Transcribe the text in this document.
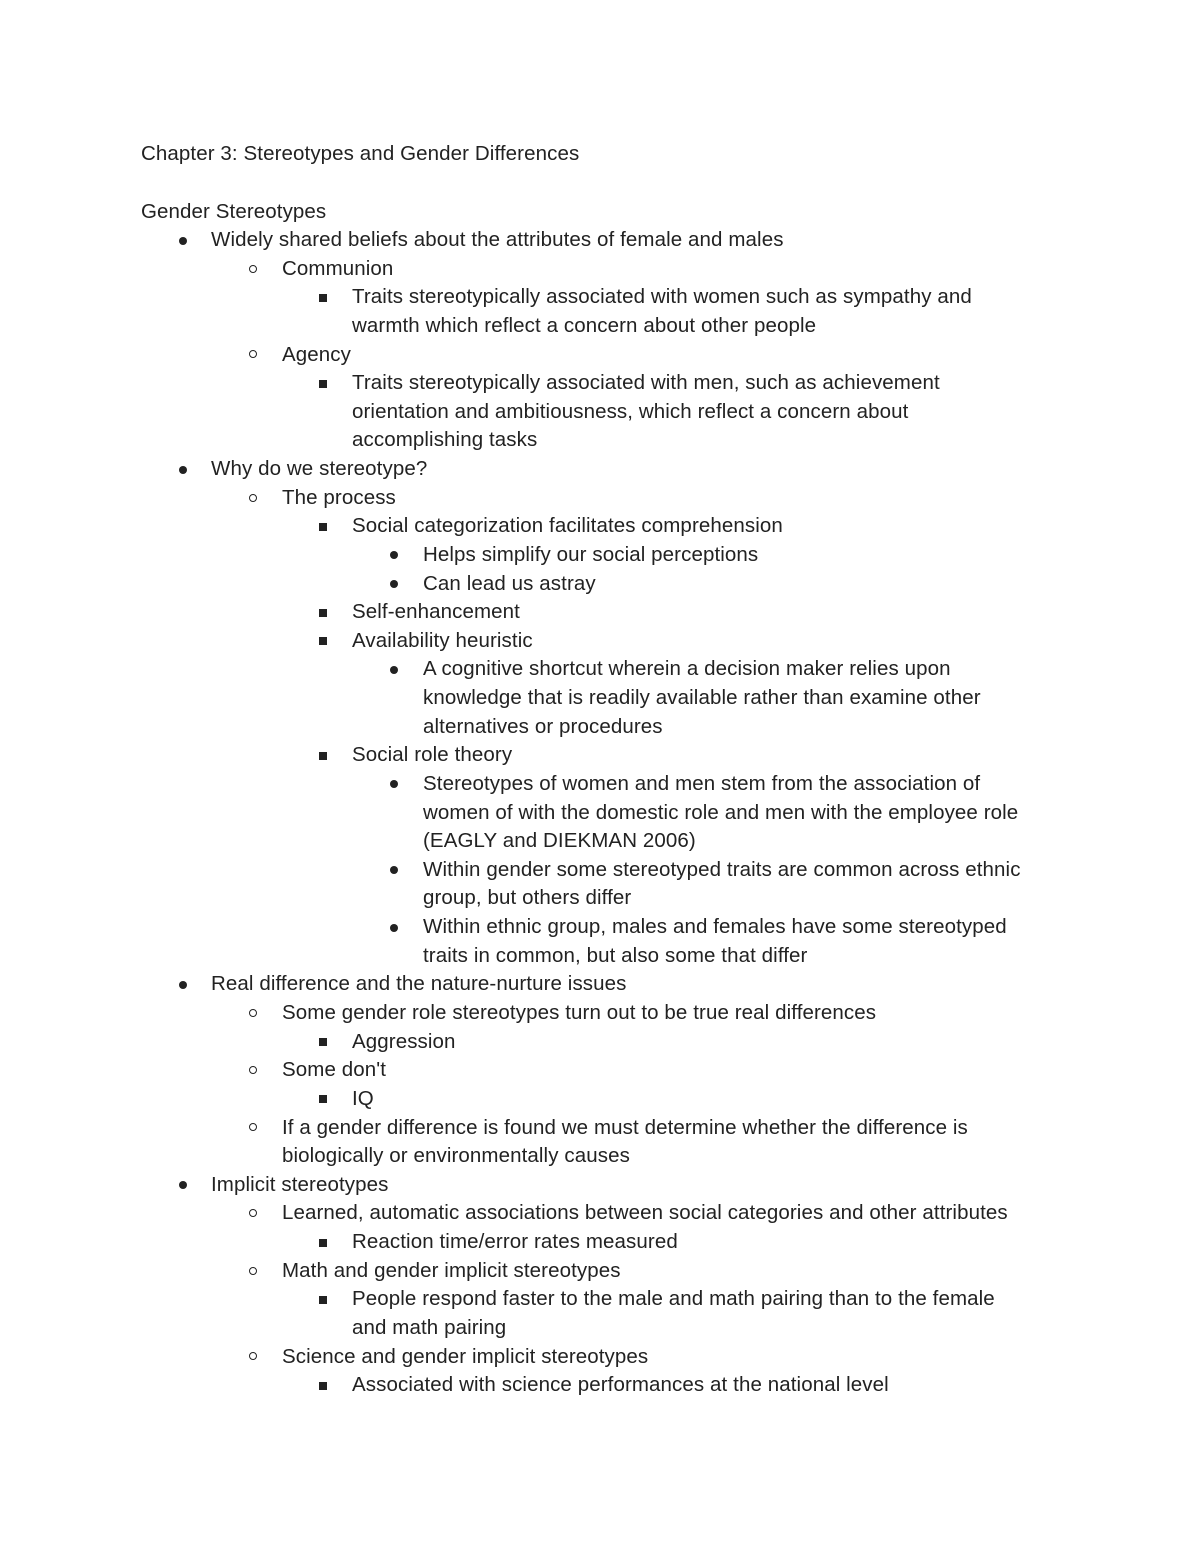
Chapter 3: Stereotypes and Gender Differences
Gender Stereotypes
Widely shared beliefs about the attributes of female and males
Communion
Traits stereotypically associated with women such as sympathy and
warmth which reflect a concern about other people
Agency
Traits stereotypically associated with men, such as achievement
orientation and ambitiousness, which reflect a concern about
accomplishing tasks
Why do we stereotype?
The process
Social categorization facilitates comprehension
Helps simplify our social perceptions
Can lead us astray
Self-enhancement
Availability heuristic
A cognitive shortcut wherein a decision maker relies upon
knowledge that is readily available rather than examine other
alternatives or procedures
Social role theory
Stereotypes of women and men stem from the association of
women of with the domestic role and men with the employee role
(EAGLY and DIEKMAN 2006)
Within gender some stereotyped traits are common across ethnic
group, but others differ
Within ethnic group, males and females have some stereotyped
traits in common, but also some that differ
Real difference and the nature-nurture issues
Some gender role stereotypes turn out to be true real differences
Aggression
Some don't
IQ
If a gender difference is found we must determine whether the difference is
biologically or environmentally causes
Implicit stereotypes
Learned, automatic associations between social categories and other attributes
Reaction time/error rates measured
Math and gender implicit stereotypes
People respond faster to the male and math pairing than to the female
and math pairing
Science and gender implicit stereotypes
Associated with science performances at the national level
